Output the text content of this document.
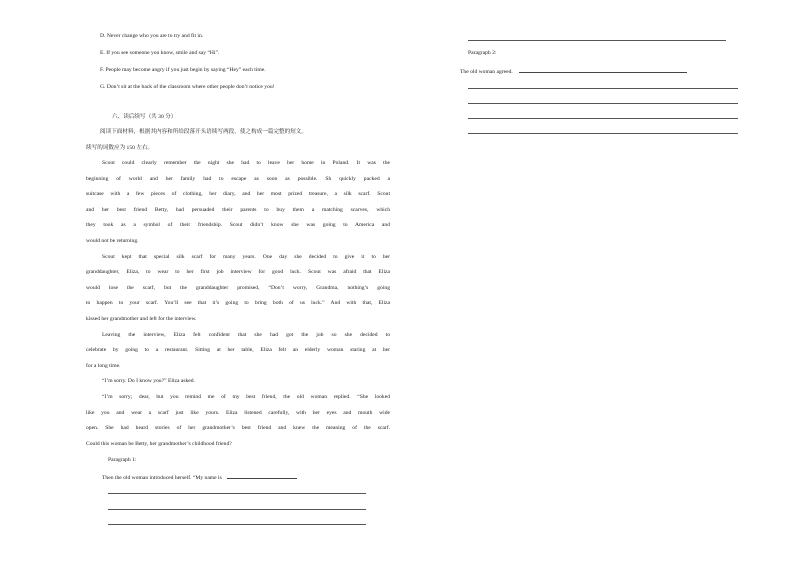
D. Never change who you are to try and fit in.
E. If you see someone you know, smile and say “Hi”.
F. People may become angry if you just begin by saying “Hey” each time.
G. Don’t sit at the back of the classroom where other people don’t notice you!
六、读后续写（共 30 分）
阅读下面材料，根据其内容和所给段落开头语续写两段，使之构成一篇完整的短文。
续写的词数应为 150 左右。
Scout could clearly remember the night she had to leave her home in Poland. It was the
beginning of world and her family had to escape as soon as possible. Sh quickly packed a
suitcase with a few pieces of clothing, her diary, and her most prized treasure, a silk scarf. Scout
and her best friend Betty, had persuaded their parents to buy them a matching scarves, which
they took as a symbol of their friendship. Scout didn’t know she was going to America and
would not be returning.
Scout kept that special silk scarf for many years. One day she decided to give it to her
granddaughter, Eliza, to wear to her first job interview for good luck. Scout was afraid that Eliza
would lose the scarf, but the granddaughter promised, “Don’t worry, Grandma, nothing’s going
to happen to your scarf. You’ll see that it’s going to bring both of us luck.” And with that, Eliza
kissed her grandmother and left for the interview.
Leaving the interview, Eliza felt confident that she had got the job so she decided to
celebrate by going to a restaurant. Sitting at her table, Eliza felt an elderly woman staring at her
for a long time.
“I’m sorry. Do I know you?” Eliza asked.
“I’m sorry; dear, but you remind me of my best friend, the old woman replied. “She looked
like you and wear a scarf just like yours. Eliza listened carefully, with her eyes and mouth wide
open. She had heard stories of her grandmother’s best friend and knew the meaning of the scarf.
Could this woman be Betty, her grandmother’s childhood friend?
Paragraph 1:
Then the old woman introduced herself. “My name is
Paragraph 2:
The old woman agreed.
